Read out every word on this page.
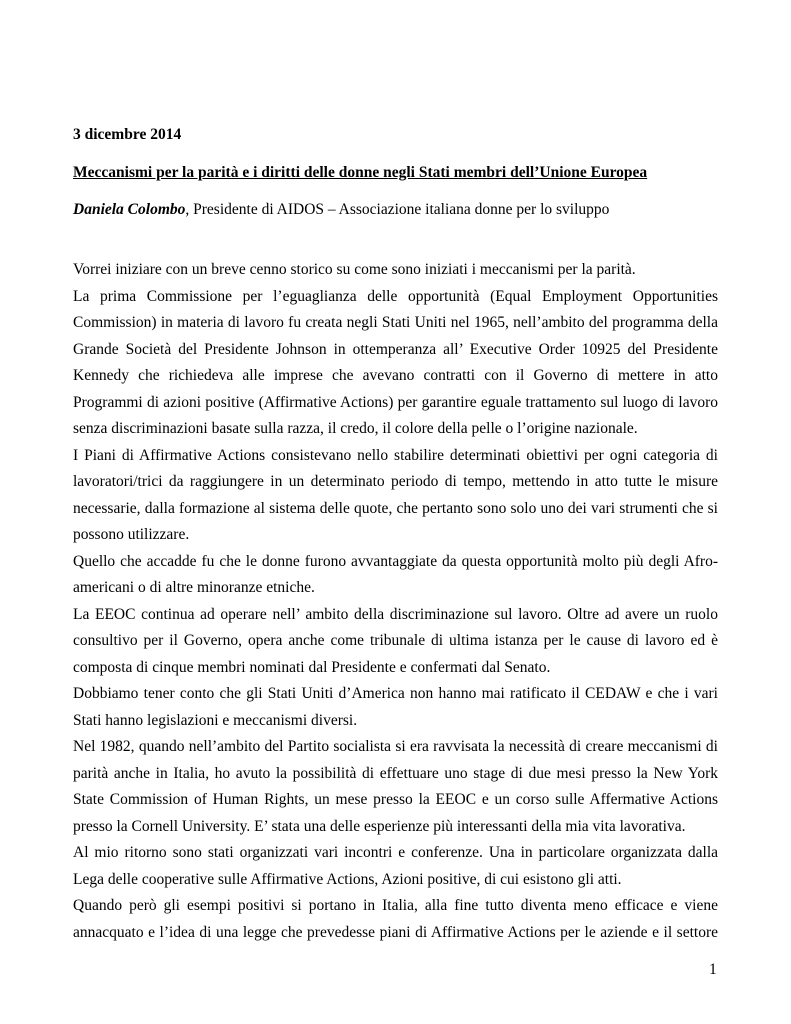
3 dicembre 2014

Meccanismi per la parità e i diritti delle donne negli Stati membri dell’Unione Europea

Daniela Colombo, Presidente di AIDOS – Associazione italiana donne per lo sviluppo

Vorrei iniziare con un breve cenno storico su come sono iniziati i meccanismi per la parità.

La prima Commissione per l’eguaglianza delle opportunità (Equal Employment Opportunities Commission) in materia di lavoro fu creata negli Stati Uniti nel 1965, nell’ambito del programma della Grande Società del Presidente Johnson in ottemperanza all’ Executive Order 10925 del Presidente Kennedy che richiedeva alle imprese che avevano contratti con il Governo di mettere in atto Programmi di azioni positive (Affirmative Actions) per garantire eguale trattamento sul luogo di lavoro senza discriminazioni basate sulla razza, il credo, il colore della pelle o l’origine nazionale.

I Piani di Affirmative Actions consistevano nello stabilire determinati obiettivi per ogni categoria di lavoratori/trici da raggiungere in un determinato periodo di tempo, mettendo in atto tutte le misure necessarie, dalla formazione al sistema delle quote, che pertanto sono solo uno dei vari strumenti che si possono utilizzare.

Quello che accadde fu che le donne furono avvantaggiate da questa opportunità molto più degli Afro-americani o di altre minoranze etniche.

La EEOC continua ad operare nell’ ambito della discriminazione sul lavoro. Oltre ad avere un ruolo consultivo per il Governo, opera anche come tribunale di ultima istanza per le cause di lavoro ed è composta di cinque membri nominati dal Presidente e confermati dal Senato.

Dobbiamo tener conto che gli Stati Uniti d’America non hanno mai ratificato il CEDAW e che i vari Stati hanno legislazioni e meccanismi diversi.

Nel 1982, quando nell’ambito del Partito socialista si era ravvisata la necessità di creare meccanismi di parità anche in Italia, ho avuto la possibilità di effettuare uno stage di due mesi presso la New York State Commission of Human Rights, un mese presso la EEOC e un corso sulle Affermative Actions presso la Cornell University. E’ stata una delle esperienze più interessanti della mia vita lavorativa.

Al mio ritorno sono stati organizzati vari incontri e conferenze. Una in particolare organizzata dalla Lega delle cooperative sulle Affirmative Actions, Azioni positive, di cui esistono gli atti.

Quando però gli esempi positivi si portano in Italia, alla fine tutto diventa meno efficace e viene annacquato e l’idea di una legge che prevedesse piani di Affirmative Actions per le aziende e il settore

1
